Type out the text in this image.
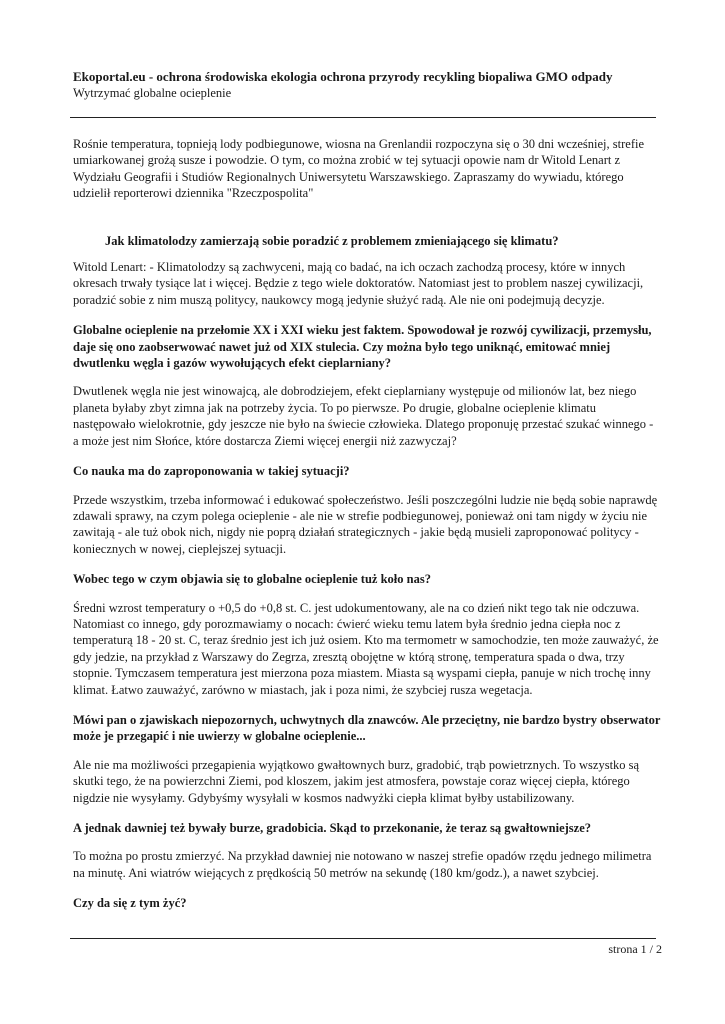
Ekoportal.eu - ochrona środowiska ekologia ochrona przyrody recykling biopaliwa GMO odpady

Wytrzymać globalne ocieplenie

Rośnie temperatura, topnieją lody podbiegunowe, wiosna na Grenlandii rozpoczyna się o 30 dni wcześniej, strefie umiarkowanej grożą susze i powodzie. O tym, co można zrobić w tej sytuacji opowie nam dr Witold Lenart z Wydziału Geografii i Studiów Regionalnych Uniwersytetu Warszawskiego. Zapraszamy do wywiadu, którego udzielił reporterowi dziennika "Rzeczpospolita"

Jak klimatolodzy zamierzają sobie poradzić z problemem zmieniającego się klimatu?

Witold Lenart: - Klimatolodzy są zachwyceni, mają co badać, na ich oczach zachodzą procesy, które w innych okresach trwały tysiące lat i więcej. Będzie z tego wiele doktoratów. Natomiast jest to problem naszej cywilizacji, poradzić sobie z nim muszą politycy, naukowcy mogą jedynie służyć radą. Ale nie oni podejmują decyzje.

Globalne ocieplenie na przełomie XX i XXI wieku jest faktem. Spowodował je rozwój cywilizacji, przemysłu, daje się ono zaobserwować nawet już od XIX stulecia. Czy można było tego uniknąć, emitować mniej dwutlenku węgla i gazów wywołujących efekt cieplarniany?

Dwutlenek węgla nie jest winowajcą, ale dobrodziejem, efekt cieplarniany występuje od milionów lat, bez niego planeta byłaby zbyt zimna jak na potrzeby życia. To po pierwsze. Po drugie, globalne ocieplenie klimatu następowało wielokrotnie, gdy jeszcze nie było na świecie człowieka. Dlatego proponuję przestać szukać winnego - a może jest nim Słońce, które dostarcza Ziemi więcej energii niż zazwyczaj?

Co nauka ma do zaproponowania w takiej sytuacji?

Przede wszystkim, trzeba informować i edukować społeczeństwo. Jeśli poszczególni ludzie nie będą sobie naprawdę zdawali sprawy, na czym polega ocieplenie - ale nie w strefie podbiegunowej, ponieważ oni tam nigdy w życiu nie zawitają - ale tuż obok nich, nigdy nie poprą działań strategicznych - jakie będą musieli zaproponować politycy - koniecznych w nowej, cieplejszej sytuacji.

Wobec tego w czym objawia się to globalne ocieplenie tuż koło nas?

Średni wzrost temperatury o +0,5 do +0,8 st. C. jest udokumentowany, ale na co dzień nikt tego tak nie odczuwa. Natomiast co innego, gdy porozmawiamy o nocach: ćwierć wieku temu latem była średnio jedna ciepła noc z temperaturą 18 - 20 st. C, teraz średnio jest ich już osiem. Kto ma termometr w samochodzie, ten może zauważyć, że gdy jedzie, na przykład z Warszawy do Zegrza, zresztą obojętne w którą stronę, temperatura spada o dwa, trzy stopnie. Tymczasem temperatura jest mierzona poza miastem. Miasta są wyspami ciepła, panuje w nich trochę inny klimat. Łatwo zauważyć, zarówno w miastach, jak i poza nimi, że szybciej rusza wegetacja.

Mówi pan o zjawiskach niepozornych, uchwytnych dla znawców. Ale przeciętny, nie bardzo bystry obserwator może je przegapić i nie uwierzy w globalne ocieplenie...

Ale nie ma możliwości przegapienia wyjątkowo gwałtownych burz, gradobić, trąb powietrznych. To wszystko są skutki tego, że na powierzchni Ziemi, pod kloszem, jakim jest atmosfera, powstaje coraz więcej ciepła, którego nigdzie nie wysyłamy. Gdybyśmy wysyłali w kosmos nadwyżki ciepła klimat byłby ustabilizowany.

A jednak dawniej też bywały burze, gradobicia. Skąd to przekonanie, że teraz są gwałtowniejsze?

To można po prostu zmierzyć. Na przykład dawniej nie notowano w naszej strefie opadów rzędu jednego milimetra na minutę. Ani wiatrów wiejących z prędkością 50 metrów na sekundę (180 km/godz.), a nawet szybciej.

Czy da się z tym żyć?

strona 1 / 2
